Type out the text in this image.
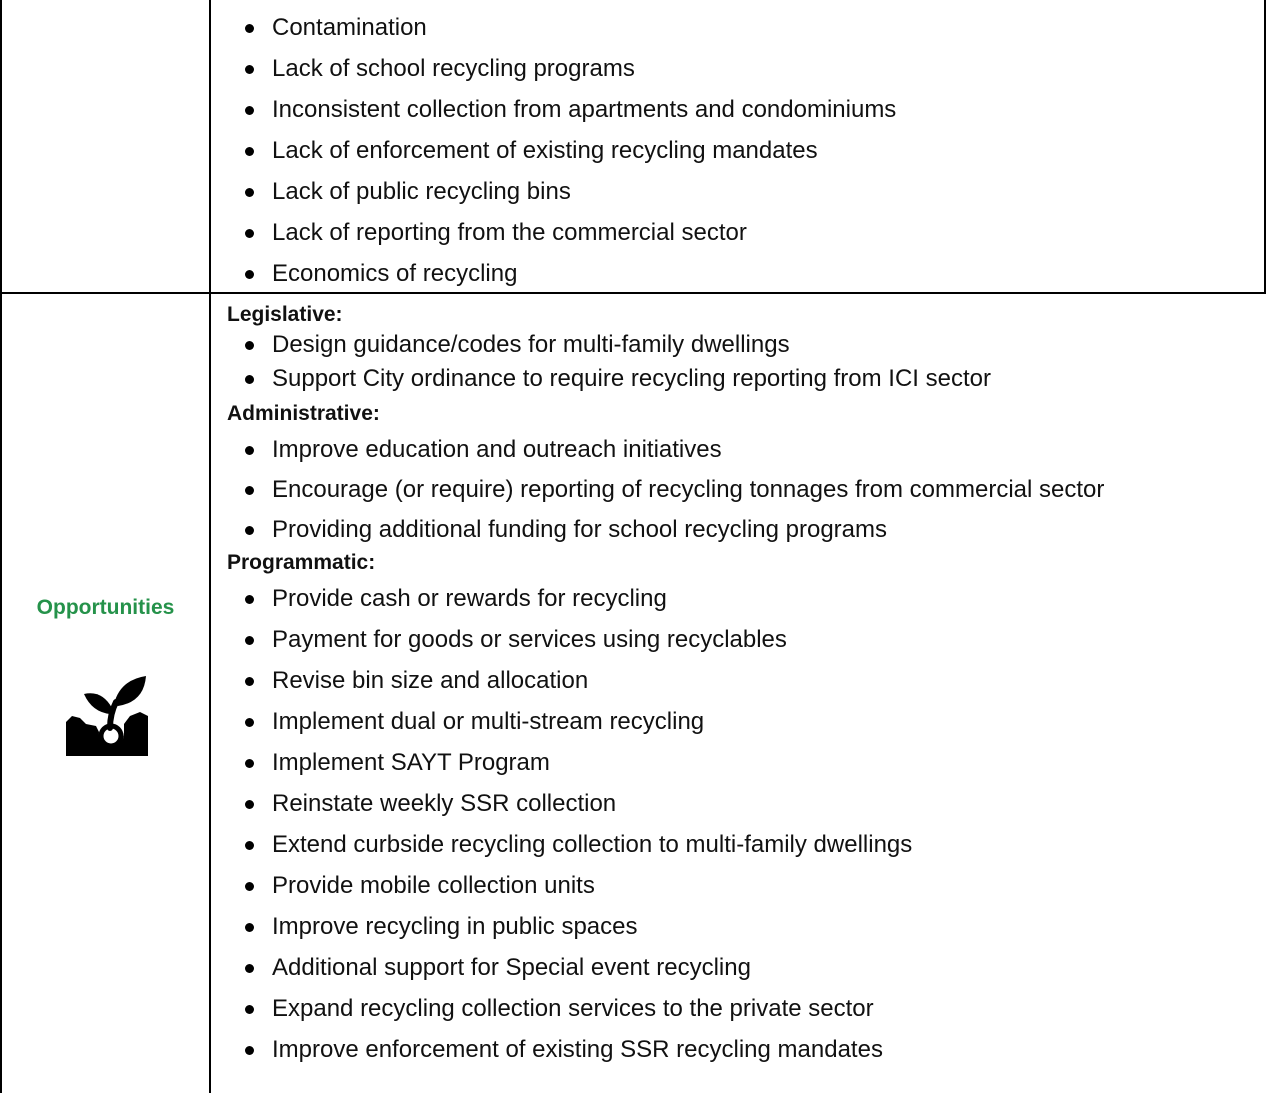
Contamination
Lack of school recycling programs
Inconsistent collection from apartments and condominiums
Lack of enforcement of existing recycling mandates
Lack of public recycling bins
Lack of reporting from the commercial sector
Economics of recycling
Opportunities
Legislative:
Design guidance/codes for multi-family dwellings
Support City ordinance to require recycling reporting from ICI sector
Administrative:
Improve education and outreach initiatives
Encourage (or require) reporting of recycling tonnages from commercial sector
Providing additional funding for school recycling programs
Programmatic:
Provide cash or rewards for recycling
Payment for goods or services using recyclables
Revise bin size and allocation
Implement dual or multi-stream recycling
Implement SAYT Program
Reinstate weekly SSR collection
Extend curbside recycling collection to multi-family dwellings
Provide mobile collection units
Improve recycling in public spaces
Additional support for Special event recycling
Expand recycling collection services to the private sector
Improve enforcement of existing SSR recycling mandates
